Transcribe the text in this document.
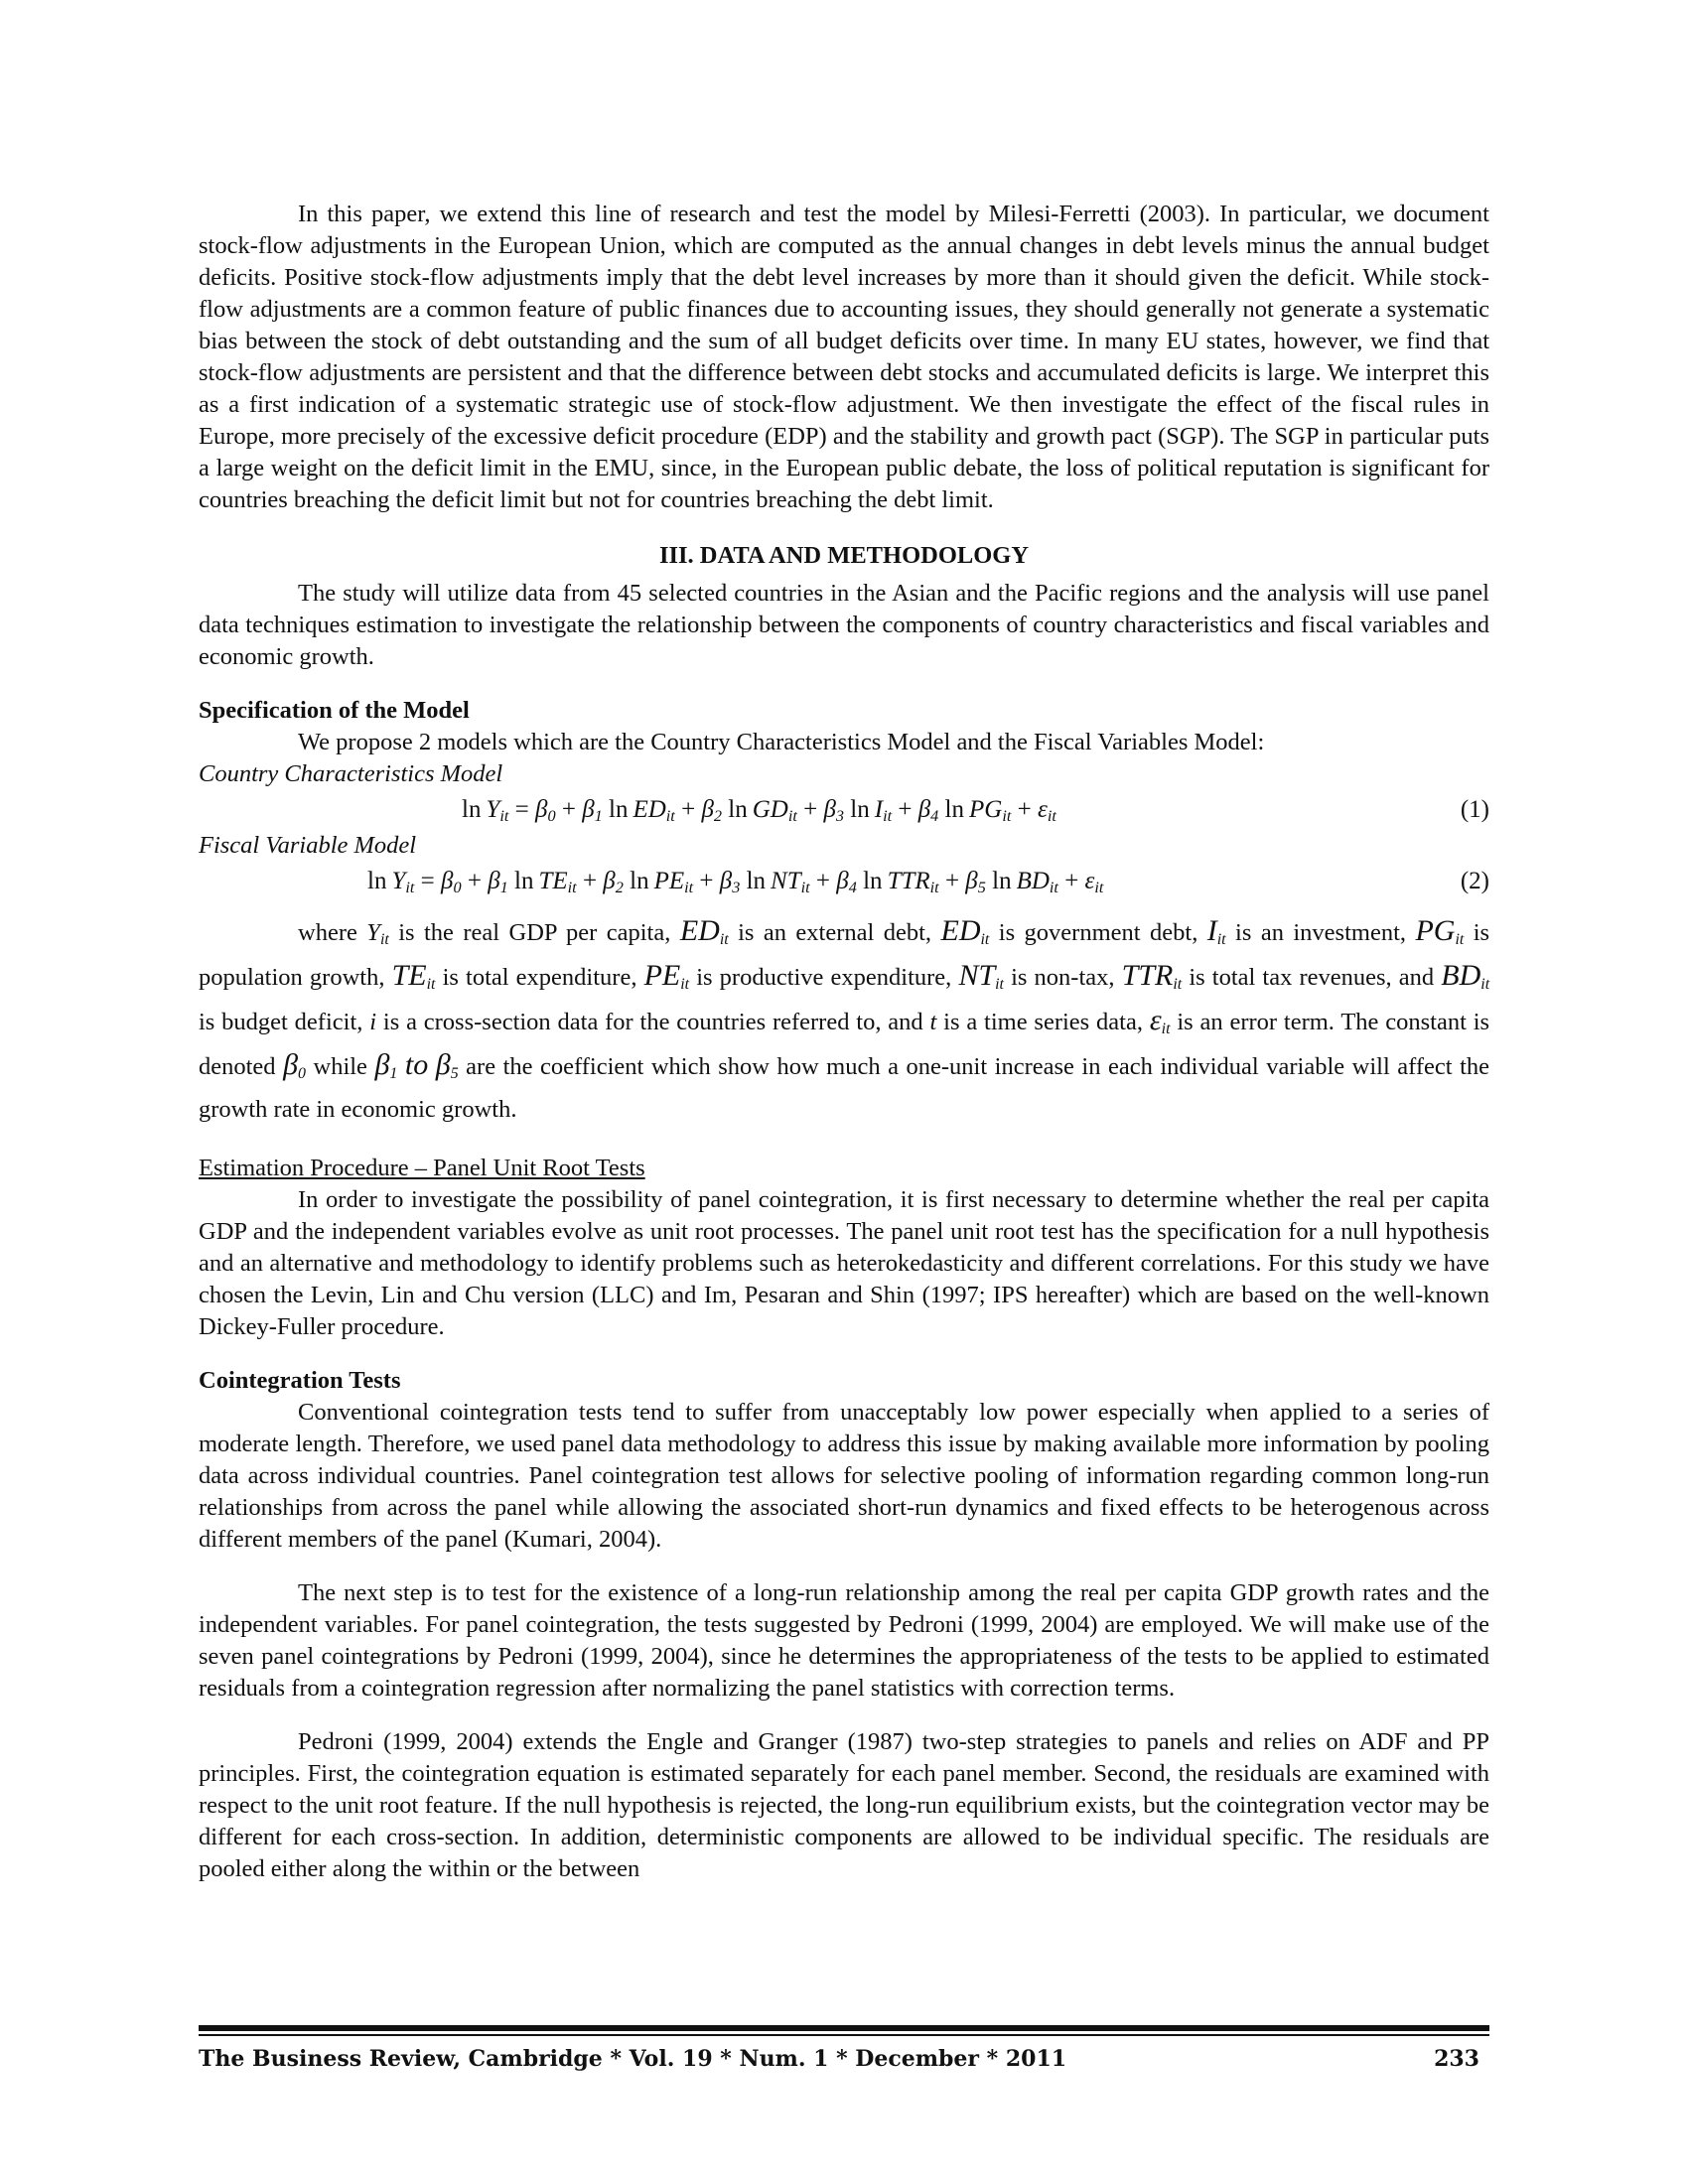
In this paper, we extend this line of research and test the model by Milesi-Ferretti (2003). In particular, we document stock-flow adjustments in the European Union, which are computed as the annual changes in debt levels minus the annual budget deficits. Positive stock-flow adjustments imply that the debt level increases by more than it should given the deficit. While stock-flow adjustments are a common feature of public finances due to accounting issues, they should generally not generate a systematic bias between the stock of debt outstanding and the sum of all budget deficits over time. In many EU states, however, we find that stock-flow adjustments are persistent and that the difference between debt stocks and accumulated deficits is large. We interpret this as a first indication of a systematic strategic use of stock-flow adjustment. We then investigate the effect of the fiscal rules in Europe, more precisely of the excessive deficit procedure (EDP) and the stability and growth pact (SGP). The SGP in particular puts a large weight on the deficit limit in the EMU, since, in the European public debate, the loss of political reputation is significant for countries breaching the deficit limit but not for countries breaching the debt limit.

III. DATA AND METHODOLOGY

The study will utilize data from 45 selected countries in the Asian and the Pacific regions and the analysis will use panel data techniques estimation to investigate the relationship between the components of country characteristics and fiscal variables and economic growth.

Specification of the Model

We propose 2 models which are the Country Characteristics Model and the Fiscal Variables Model:

Country Characteristics Model
$\ln Y_{it} = \beta_0 + \beta_1$ $\ln ED_{it} + \beta_2$ $\ln GD_{it} + \beta_3$ $\ln I_{it} + \beta_4$ $\ln PG_{it} + \varepsilon_{it}$	(1)
Fiscal Variable Model
$\ln Y_{it} = \beta_0 + \beta_1$ $\ln TE_{it} + \beta_2$ $\ln PE_{it} + \beta_3$ $\ln NT_{it} + \beta_4$ $\ln TTR_{it} + \beta_5$ $\ln BD_{it} + \varepsilon_{it}$	(2)

where $Y_{it}$ is the real GDP per capita, $ED_{it}$ is an external debt, $ED_{it}$ is government debt, $I_{it}$ is an investment, $PG_{it}$ is population growth, $TE_{it}$ is total expenditure, $PE_{it}$ is productive expenditure, $NT_{it}$ is non-tax, $TTR_{it}$ is total tax revenues, and $BD_{it}$ is budget deficit, i is a cross-section data for the countries referred to, and t is a time series data, $\varepsilon_{it}$ is an error term. The constant is denoted $\beta_0$ while $\beta_1$ to $\beta_5$ are the coefficient which show how much a one-unit increase in each individual variable will affect the growth rate in economic growth.

Estimation Procedure – Panel Unit Root Tests

In order to investigate the possibility of panel cointegration, it is first necessary to determine whether the real per capita GDP and the independent variables evolve as unit root processes. The panel unit root test has the specification for a null hypothesis and an alternative and methodology to identify problems such as heterokedasticity and different correlations. For this study we have chosen the Levin, Lin and Chu version (LLC) and Im, Pesaran and Shin (1997; IPS hereafter) which are based on the well-known Dickey-Fuller procedure.

Cointegration Tests

Conventional cointegration tests tend to suffer from unacceptably low power especially when applied to a series of moderate length. Therefore, we used panel data methodology to address this issue by making available more information by pooling data across individual countries. Panel cointegration test allows for selective pooling of information regarding common long-run relationships from across the panel while allowing the associated short-run dynamics and fixed effects to be heterogenous across different members of the panel (Kumari, 2004).

The next step is to test for the existence of a long-run relationship among the real per capita GDP growth rates and the independent variables. For panel cointegration, the tests suggested by Pedroni (1999, 2004) are employed. We will make use of the seven panel cointegrations by Pedroni (1999, 2004), since he determines the appropriateness of the tests to be applied to estimated residuals from a cointegration regression after normalizing the panel statistics with correction terms.

Pedroni (1999, 2004) extends the Engle and Granger (1987) two-step strategies to panels and relies on ADF and PP principles. First, the cointegration equation is estimated separately for each panel member. Second, the residuals are examined with respect to the unit root feature. If the null hypothesis is rejected, the long-run equilibrium exists, but the cointegration vector may be different for each cross-section. In addition, deterministic components are allowed to be individual specific. The residuals are pooled either along the within or the between

The Business Review, Cambridge * Vol. 19 * Num. 1 * December * 2011	233
